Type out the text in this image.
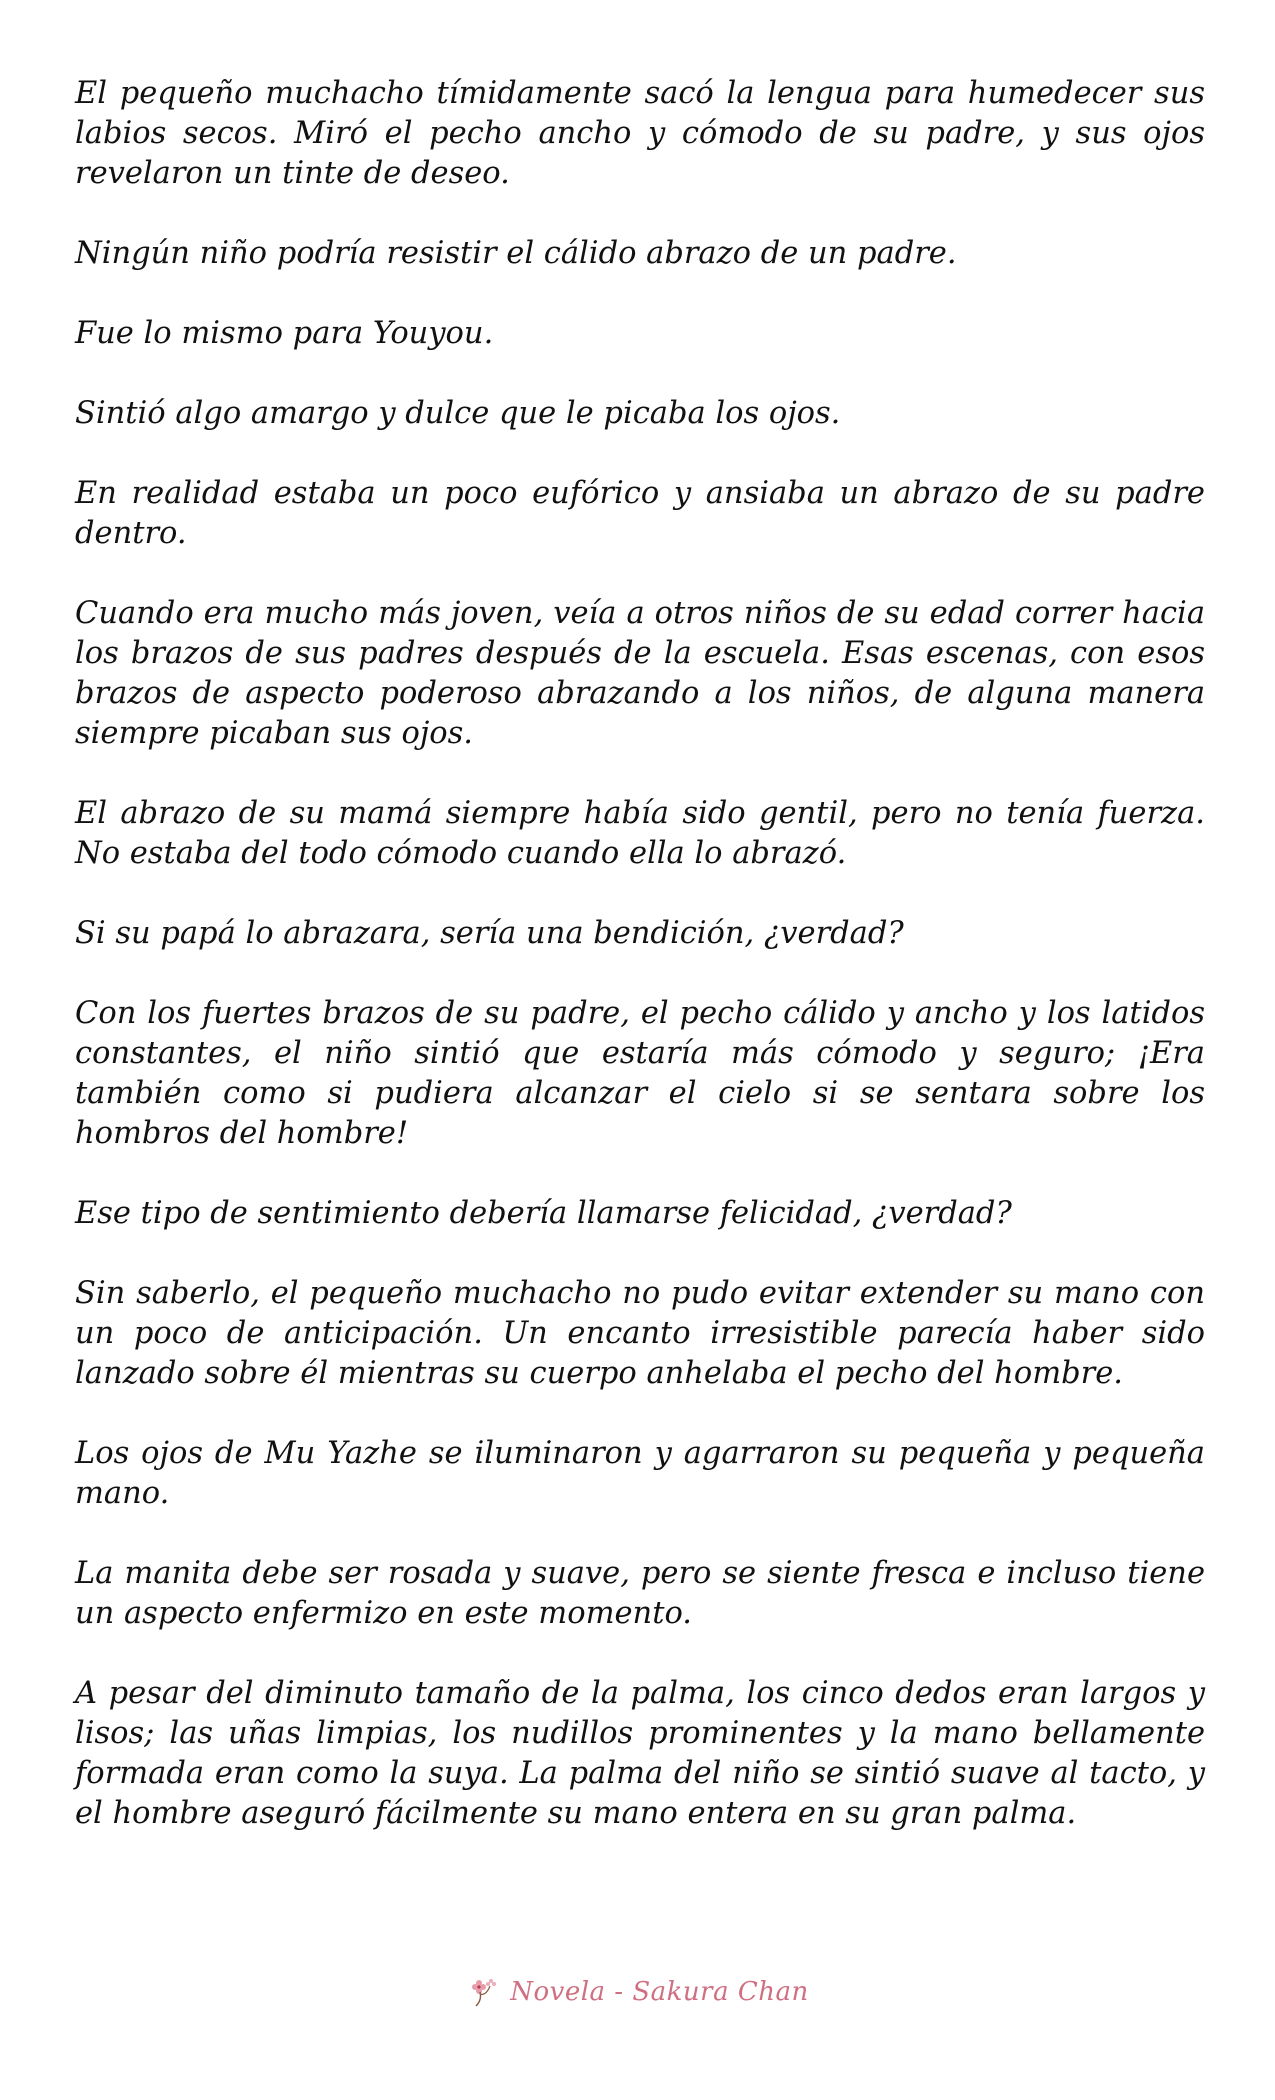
El pequeño muchacho tímidamente sacó la lengua para humedecer sus labios secos. Miró el pecho ancho y cómodo de su padre, y sus ojos revelaron un tinte de deseo.

Ningún niño podría resistir el cálido abrazo de un padre.

Fue lo mismo para Youyou.

Sintió algo amargo y dulce que le picaba los ojos.

En realidad estaba un poco eufórico y ansiaba un abrazo de su padre dentro.

Cuando era mucho más joven, veía a otros niños de su edad correr hacia los brazos de sus padres después de la escuela. Esas escenas, con esos brazos de aspecto poderoso abrazando a los niños, de alguna manera siempre picaban sus ojos.

El abrazo de su mamá siempre había sido gentil, pero no tenía fuerza. No estaba del todo cómodo cuando ella lo abrazó.

Si su papá lo abrazara, sería una bendición, ¿verdad?

Con los fuertes brazos de su padre, el pecho cálido y ancho y los latidos constantes, el niño sintió que estaría más cómodo y seguro; ¡Era también como si pudiera alcanzar el cielo si se sentara sobre los hombros del hombre!

Ese tipo de sentimiento debería llamarse felicidad, ¿verdad?

Sin saberlo, el pequeño muchacho no pudo evitar extender su mano con un poco de anticipación. Un encanto irresistible parecía haber sido lanzado sobre él mientras su cuerpo anhelaba el pecho del hombre.

Los ojos de Mu Yazhe se iluminaron y agarraron su pequeña y pequeña mano.

La manita debe ser rosada y suave, pero se siente fresca e incluso tiene un aspecto enfermizo en este momento.

A pesar del diminuto tamaño de la palma, los cinco dedos eran largos y lisos; las uñas limpias, los nudillos prominentes y la mano bellamente formada eran como la suya. La palma del niño se sintió suave al tacto, y el hombre aseguró fácilmente su mano entera en su gran palma.

Novela - Sakura Chan
